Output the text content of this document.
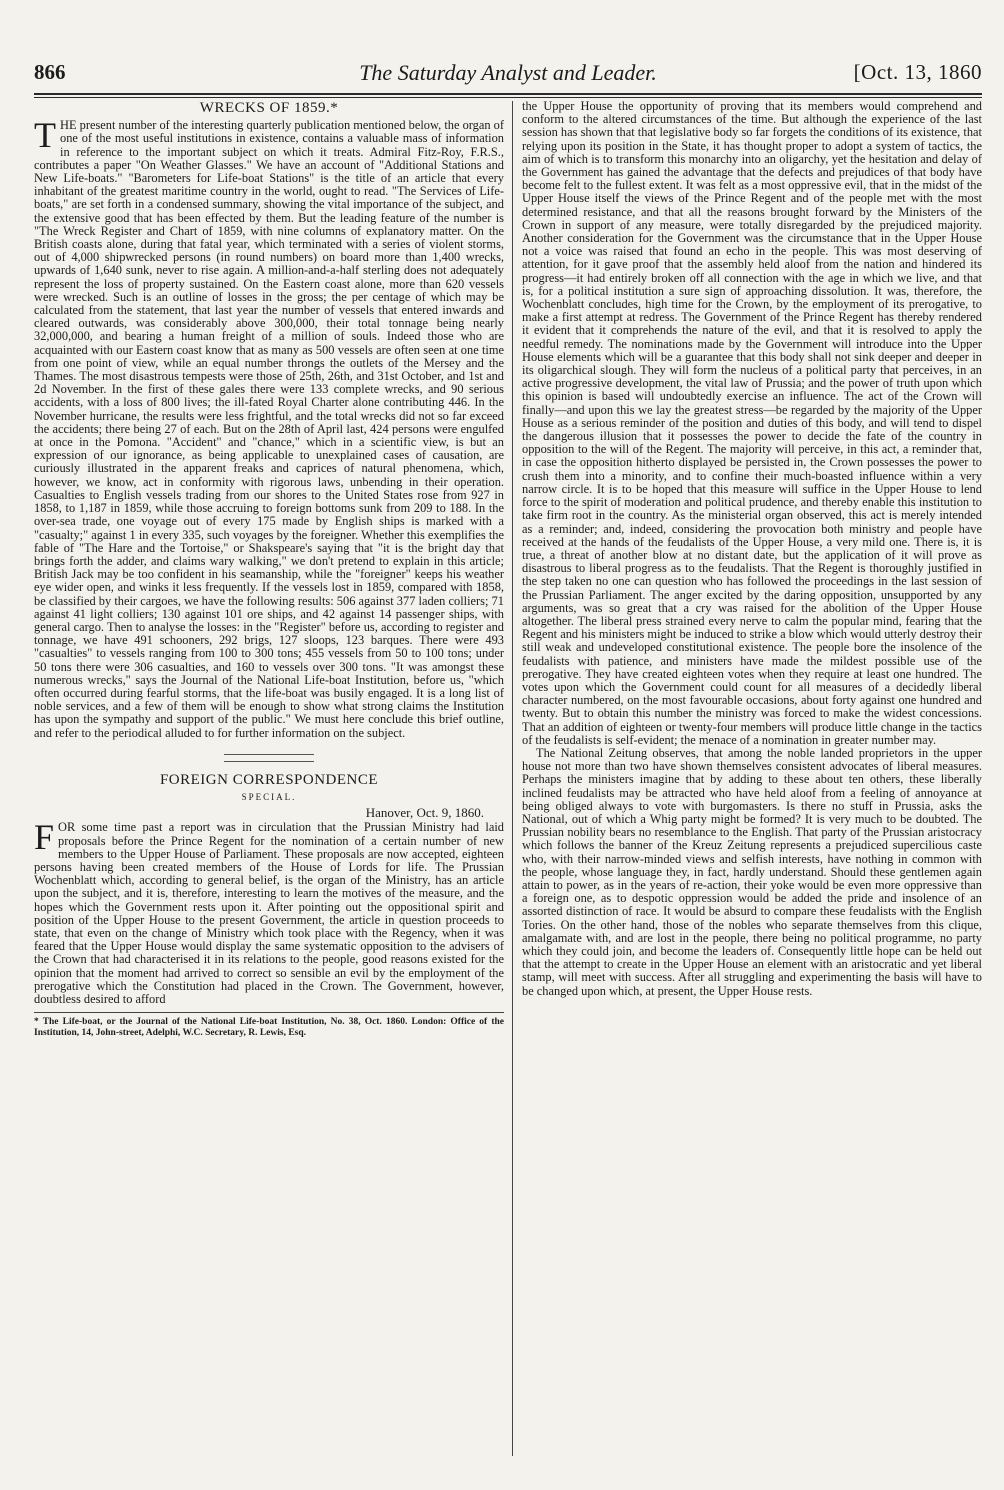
866	The Saturday Analyst and Leader.	[Oct. 13, 1860
WRECKS OF 1859.*

THE present number of the interesting quarterly publication mentioned below, the organ of one of the most useful institutions in existence, contains a valuable mass of information in reference to the important subject on which it treats. Admiral Fitz-Roy, F.R.S., contributes a paper "On Weather Glasses." We have an account of "Additional Stations and New Life-boats." "Barometers for Life-boat Stations" is the title of an article that every inhabitant of the greatest maritime country in the world, ought to read. "The Services of Life-boats," are set forth in a condensed summary, showing the vital importance of the subject, and the extensive good that has been effected by them. But the leading feature of the number is "The Wreck Register and Chart of 1859, with nine columns of explanatory matter. On the British coasts alone, during that fatal year, which terminated with a series of violent storms, out of 4,000 shipwrecked persons (in round numbers) on board more than 1,400 wrecks, upwards of 1,640 sunk, never to rise again. A million-and-a-half sterling does not adequately represent the loss of property sustained. On the Eastern coast alone, more than 620 vessels were wrecked. Such is an outline of losses in the gross; the per centage of which may be calculated from the statement, that last year the number of vessels that entered inwards and cleared outwards, was considerably above 300,000, their total tonnage being nearly 32,000,000, and bearing a human freight of a million of souls. Indeed those who are acquainted with our Eastern coast know that as many as 500 vessels are often seen at one time from one point of view, while an equal number throngs the outlets of the Mersey and the Thames. The most disastrous tempests were those of 25th, 26th, and 31st October, and 1st and 2d November. In the first of these gales there were 133 complete wrecks, and 90 serious accidents, with a loss of 800 lives; the ill-fated Royal Charter alone contributing 446. In the November hurricane, the results were less frightful, and the total wrecks did not so far exceed the accidents; there being 27 of each. But on the 28th of April last, 424 persons were engulfed at once in the Pomona. "Accident" and "chance," which in a scientific view, is but an expression of our ignorance, as being applicable to unexplained cases of causation, are curiously illustrated in the apparent freaks and caprices of natural phenomena, which, however, we know, act in conformity with rigorous laws, unbending in their operation. Casualties to English vessels trading from our shores to the United States rose from 927 in 1858, to 1,187 in 1859, while those accruing to foreign bottoms sunk from 209 to 188. In the over-sea trade, one voyage out of every 175 made by English ships is marked with a "casualty;" against 1 in every 335, such voyages by the foreigner. Whether this exemplifies the fable of "The Hare and the Tortoise," or Shakspeare's saying that "it is the bright day that brings forth the adder, and claims wary walking," we don't pretend to explain in this article; British Jack may be too confident in his seamanship, while the "foreigner" keeps his weather eye wider open, and winks it less frequently. If the vessels lost in 1859, compared with 1858, be classified by their cargoes, we have the following results: 506 against 377 laden colliers; 71 against 41 light colliers; 130 against 101 ore ships, and 42 against 14 passenger ships, with general cargo. Then to analyse the losses: in the "Register" before us, according to register and tonnage, we have 491 schooners, 292 brigs, 127 sloops, 123 barques. There were 493 "casualties" to vessels ranging from 100 to 300 tons; 455 vessels from 50 to 100 tons; under 50 tons there were 306 casualties, and 160 to vessels over 300 tons. "It was amongst these numerous wrecks," says the Journal of the National Life-boat Institution, before us, "which often occurred during fearful storms, that the life-boat was busily engaged. It is a long list of noble services, and a few of them will be enough to show what strong claims the Institution has upon the sympathy and support of the public." We must here conclude this brief outline, and refer to the periodical alluded to for further information on the subject.

FOREIGN CORRESPONDENCE
SPECIAL.
Hanover, Oct. 9, 1860.

FOR some time past a report was in circulation that the Prussian Ministry had laid proposals before the Prince Regent for the nomination of a certain number of new members to the Upper House of Parliament. These proposals are now accepted, eighteen persons having been created members of the House of Lords for life. The Prussian Wochenblatt which, according to general belief, is the organ of the Ministry, has an article upon the subject, and it is, therefore, interesting to learn the motives of the measure, and the hopes which the Government rests upon it. After pointing out the oppositional spirit and position of the Upper House to the present Government, the article in question proceeds to state, that even on the change of Ministry which took place with the Regency, when it was feared that the Upper House would display the same systematic opposition to the advisers of the Crown that had characterised it in its relations to the people, good reasons existed for the opinion that the moment had arrived to correct so sensible an evil by the employment of the prerogative which the Constitution had placed in the Crown. The Government, however, doubtless desired to afford

* The Life-boat, or the Journal of the National Life-boat Institution, No. 38, Oct. 1860. London: Office of the Institution, 14, John-street, Adelphi, W.C. Secretary, R. Lewis, Esq.

the Upper House the opportunity of proving that its members would comprehend and conform to the altered circumstances of the time. But although the experience of the last session has shown that that legislative body so far forgets the conditions of its existence, that relying upon its position in the State, it has thought proper to adopt a system of tactics, the aim of which is to transform this monarchy into an oligarchy, yet the hesitation and delay of the Government has gained the advantage that the defects and prejudices of that body have become felt to the fullest extent. It was felt as a most oppressive evil, that in the midst of the Upper House itself the views of the Prince Regent and of the people met with the most determined resistance, and that all the reasons brought forward by the Ministers of the Crown in support of any measure, were totally disregarded by the prejudiced majority. Another consideration for the Government was the circumstance that in the Upper House not a voice was raised that found an echo in the people. This was most deserving of attention, for it gave proof that the assembly held aloof from the nation and hindered its progress—it had entirely broken off all connection with the age in which we live, and that is, for a political institution a sure sign of approaching dissolution. It was, therefore, the Wochenblatt concludes, high time for the Crown, by the employment of its prerogative, to make a first attempt at redress. The Government of the Prince Regent has thereby rendered it evident that it comprehends the nature of the evil, and that it is resolved to apply the needful remedy. The nominations made by the Government will introduce into the Upper House elements which will be a guarantee that this body shall not sink deeper and deeper in its oligarchical slough. They will form the nucleus of a political party that perceives, in an active progressive development, the vital law of Prussia; and the power of truth upon which this opinion is based will undoubtedly exercise an influence. The act of the Crown will finally—and upon this we lay the greatest stress—be regarded by the majority of the Upper House as a serious reminder of the position and duties of this body, and will tend to dispel the dangerous illusion that it possesses the power to decide the fate of the country in opposition to the will of the Regent. The majority will perceive, in this act, a reminder that, in case the opposition hitherto displayed be persisted in, the Crown possesses the power to crush them into a minority, and to confine their much-boasted influence within a very narrow circle. It is to be hoped that this measure will suffice in the Upper House to lend force to the spirit of moderation and political prudence, and thereby enable this institution to take firm root in the country. As the ministerial organ observed, this act is merely intended as a reminder; and, indeed, considering the provocation both ministry and people have received at the hands of the feudalists of the Upper House, a very mild one. There is, it is true, a threat of another blow at no distant date, but the application of it will prove as disastrous to liberal progress as to the feudalists. That the Regent is thoroughly justified in the step taken no one can question who has followed the proceedings in the last session of the Prussian Parliament. The anger excited by the daring opposition, unsupported by any arguments, was so great that a cry was raised for the abolition of the Upper House altogether. The liberal press strained every nerve to calm the popular mind, fearing that the Regent and his ministers might be induced to strike a blow which would utterly destroy their still weak and undeveloped constitutional existence. The people bore the insolence of the feudalists with patience, and ministers have made the mildest possible use of the prerogative. They have created eighteen votes when they require at least one hundred. The votes upon which the Government could count for all measures of a decidedly liberal character numbered, on the most favourable occasions, about forty against one hundred and twenty. But to obtain this number the ministry was forced to make the widest concessions. That an addition of eighteen or twenty-four members will produce little change in the tactics of the feudalists is self-evident; the menace of a nomination in greater number may.

The National Zeitung observes, that among the noble landed proprietors in the upper house not more than two have shown themselves consistent advocates of liberal measures. Perhaps the ministers imagine that by adding to these about ten others, these liberally inclined feudalists may be attracted who have held aloof from a feeling of annoyance at being obliged always to vote with burgomasters. Is there no stuff in Prussia, asks the National, out of which a Whig party might be formed? It is very much to be doubted. The Prussian nobility bears no resemblance to the English. That party of the Prussian aristocracy which follows the banner of the Kreuz Zeitung represents a prejudiced supercilious caste who, with their narrow-minded views and selfish interests, have nothing in common with the people, whose language they, in fact, hardly understand. Should these gentlemen again attain to power, as in the years of re-action, their yoke would be even more oppressive than a foreign one, as to despotic oppression would be added the pride and insolence of an assorted distinction of race. It would be absurd to compare these feudalists with the English Tories. On the other hand, those of the nobles who separate themselves from this clique, amalgamate with, and are lost in the people, there being no political programme, no party which they could join, and become the leaders of. Consequently little hope can be held out that the attempt to create in the Upper House an element with an aristocratic and yet liberal stamp, will meet with success. After all struggling and experimenting the basis will have to be changed upon which, at present, the Upper House rests.
